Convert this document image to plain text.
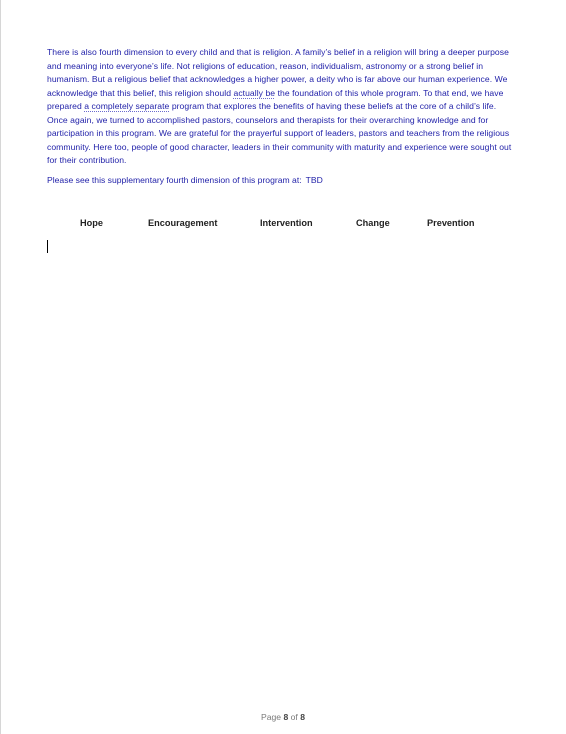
There is also fourth dimension to every child and that is religion. A family’s belief in a religion will bring a deeper purpose and meaning into everyone’s life. Not religions of education, reason, individualism, astronomy or a strong belief in humanism. But a religious belief that acknowledges a higher power, a deity who is far above our human experience. We acknowledge that this belief, this religion should actually be the foundation of this whole program. To that end, we have prepared a completely separate program that explores the benefits of having these beliefs at the core of a child’s life. Once again, we turned to accomplished pastors, counselors and therapists for their overarching knowledge and for participation in this program. We are grateful for the prayerful support of leaders, pastors and teachers from the religious community. Here too, people of good character, leaders in their community with maturity and experience were sought out for their contribution.

Please see this supplementary fourth dimension of this program at: TBD

Hope	Encouragement	Intervention	Change	Prevention
Page 8 of 8
